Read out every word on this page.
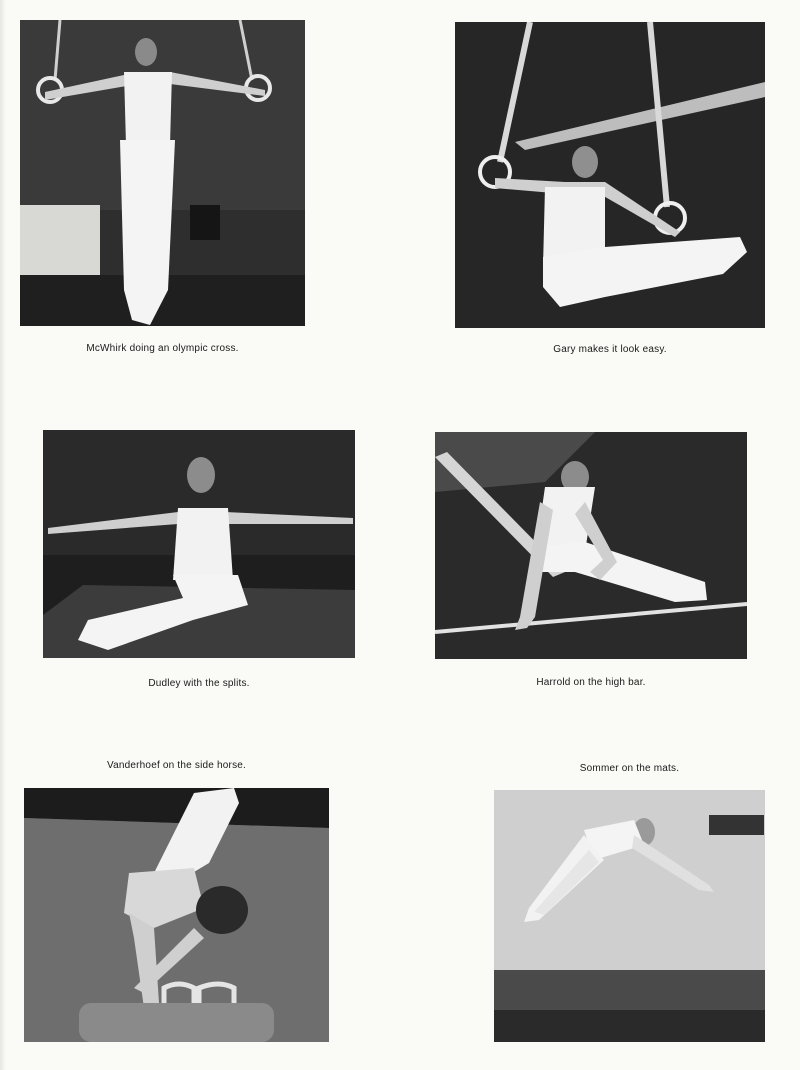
McWhirk doing an olympic cross.	Gary makes it look easy.
Dudley with the splits.	Harrold on the high bar.
Vanderhoef on the side horse.	Sommer on the mats.
